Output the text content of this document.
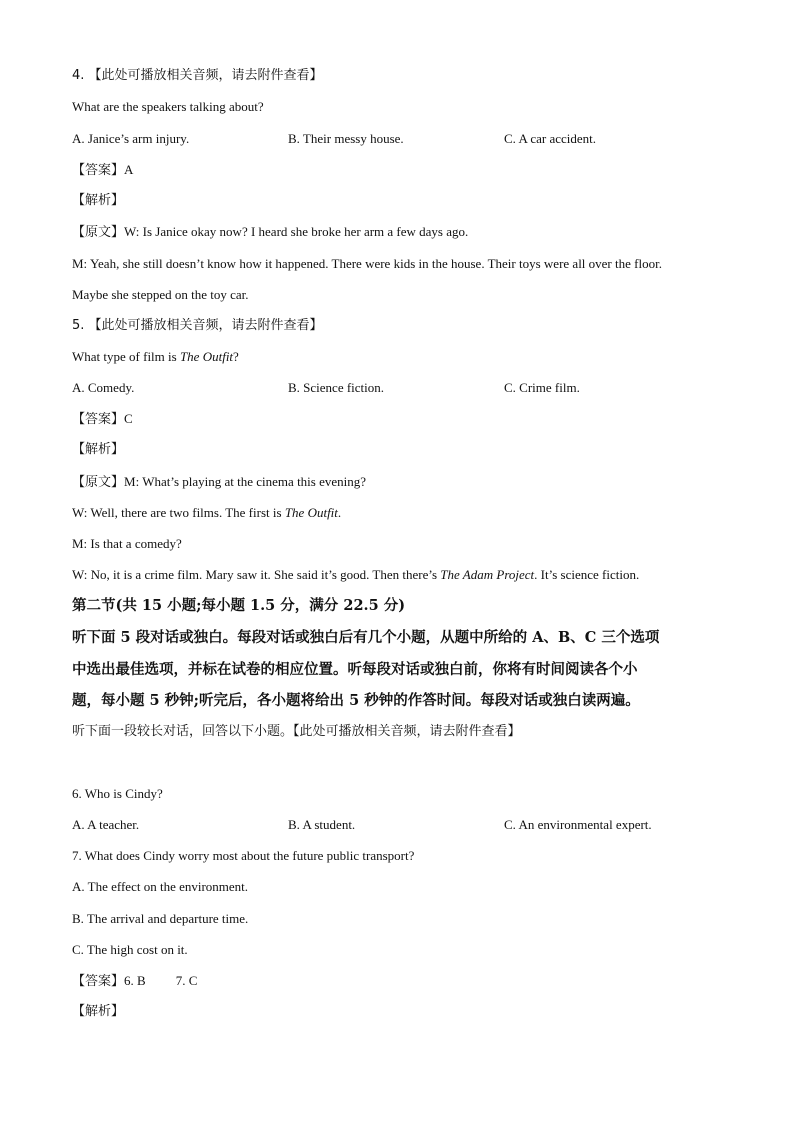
4. 【此处可播放相关音频，请去附件查看】
What are the speakers talking about?
A. Janice’s arm injury.	B. Their messy house.	C. A car accident.
【答案】A
【解析】
【原文】W: Is Janice okay now? I heard she broke her arm a few days ago.
M: Yeah, she still doesn’t know how it happened. There were kids in the house. Their toys were all over the floor.
Maybe she stepped on the toy car.
5. 【此处可播放相关音频，请去附件查看】
What type of film is The Outfit?
A. Comedy.	B. Science fiction.	C. Crime film.
【答案】C
【解析】
【原文】M: What’s playing at the cinema this evening?
W: Well, there are two films. The first is The Outfit.
M: Is that a comedy?
W: No, it is a crime film. Mary saw it. She said it’s good. Then there’s The Adam Project. It’s science fiction.
第二节(共 15 小题;每小题 1.5 分，满分 22.5 分)
听下面 5 段对话或独白。每段对话或独白后有几个小题，从题中所给的 A、B、C 三个选项
中选出最佳选项，并标在试卷的相应位置。听每段对话或独白前，你将有时间阅读各个小
题，每小题 5 秒钟;听完后，各小题将给出 5 秒钟的作答时间。每段对话或独白读两遍。
听下面一段较长对话，回答以下小题。【此处可播放相关音频，请去附件查看】
6. Who is Cindy?
A. A teacher.	B. A student.	C. An environmental expert.
7. What does Cindy worry most about the future public transport?
A. The effect on the environment.
B. The arrival and departure time.
C. The high cost on it.
【答案】6. B 7. C
【解析】
